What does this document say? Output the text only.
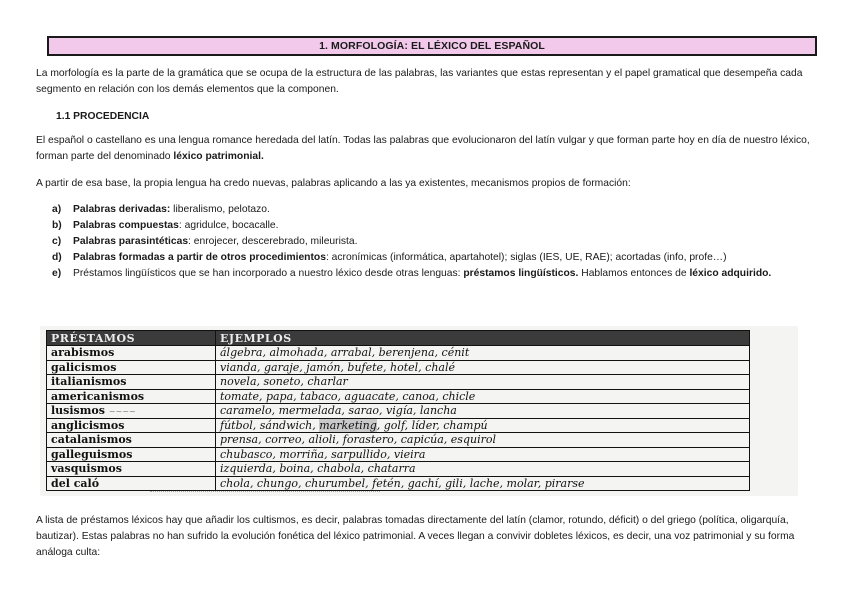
1. MORFOLOGÍA: EL LÉXICO DEL ESPAÑOL

La morfología es la parte de la gramática que se ocupa de la estructura de las palabras, las variantes que estas representan y el papel gramatical que desempeña cada segmento en relación con los demás elementos que la componen.

1.1 PROCEDENCIA

El español o castellano es una lengua romance heredada del latín. Todas las palabras que evolucionaron del latín vulgar y que forman parte hoy en día de nuestro léxico, forman parte del denominado léxico patrimonial.

A partir de esa base, la propia lengua ha credo nuevas, palabras aplicando a las ya existentes, mecanismos propios de formación:

a)	Palabras derivadas: liberalismo, pelotazo.
b)	Palabras compuestas: agridulce, bocacalle.
c)	Palabras parasintéticas: enrojecer, descerebrado, mileurista.
d)	Palabras formadas a partir de otros procedimientos: acronímicas (informática, apartahotel); siglas (IES, UE, RAE); acortadas (info, profe…)
e)	Préstamos lingüísticos que se han incorporado a nuestro léxico desde otras lenguas: préstamos lingüísticos. Hablamos entonces de léxico adquirido.
PRÉSTAMOS	EJEMPLOS
arabismos	álgebra, almohada, arrabal, berenjena, cénit
galicismos	vianda, garaje, jamón, bufete, hotel, chalé
italianismos	novela, soneto, charlar
americanismos	tomate, papa, tabaco, aguacate, canoa, chicle
lusismos ~~~~	caramelo, mermelada, sarao, vigía, lancha
anglicismos	fútbol, sándwich, marketing, golf, líder, champú
catalanismos	prensa, correo, alioli, forastero, capicúa, esquirol
galleguismos	chubasco, morriña, sarpullido, vieira
vasquismos	izquierda, boina, chabola, chatarra
del caló	chola, chungo, churumbel, fetén, gachí, gili, lache, molar, pirarse

A lista de préstamos léxicos hay que añadir los cultismos, es decir, palabras tomadas directamente del latín (clamor, rotundo, déficit) o del griego (política, oligarquía, bautizar). Estas palabras no han sufrido la evolución fonética del léxico patrimonial. A veces llegan a convivir dobletes léxicos, es decir, una voz patrimonial y su forma análoga culta:
